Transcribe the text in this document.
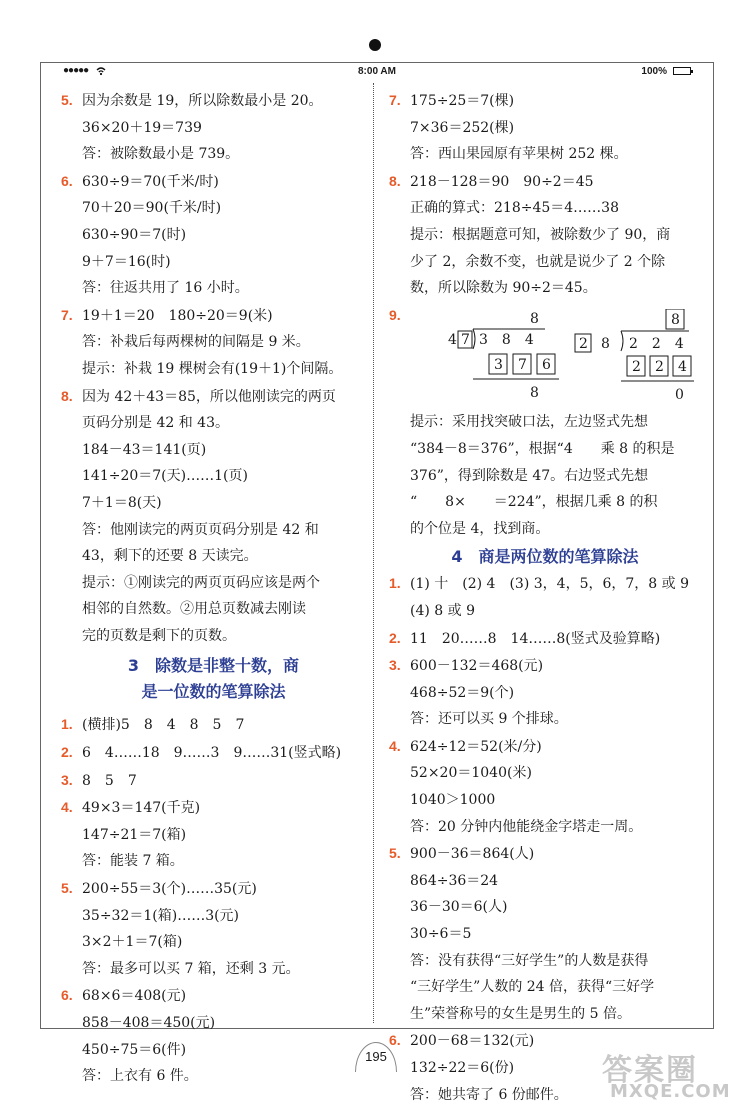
●●●●●	8:00 AM	100%
5. 因为余数是 19，所以除数最小是 20。
36×20＋19＝739
答：被除数最小是 739。
6. 630÷9＝70(千米/时)
70＋20＝90(千米/时)
630÷90＝7(时)
9＋7＝16(时)
答：往返共用了 16 小时。
7. 19＋1＝20　180÷20＝9(米)
答：补栽后每两棵树的间隔是 9 米。
提示：补栽 19 棵树会有(19＋1)个间隔。
8. 因为 42＋43＝85，所以他刚读完的两页
页码分别是 42 和 43。
184－43＝141(页)
141÷20＝7(天)……1(页)
7＋1＝8(天)
答：他刚读完的两页页码分别是 42 和
43，剩下的还要 8 天读完。
提示：①刚读完的两页页码应该是两个
相邻的自然数。②用总页数减去刚读
完的页数是剩下的页数。
3　除数是非整十数，商
是一位数的笔算除法
1. (横排)5　8　4　8　5　7
2. 6　4……18　9……3　9……31(竖式略)
3. 8　5　7
4. 49×3＝147(千克)
147÷21＝7(箱)
答：能装 7 箱。
5. 200÷55＝3(个)……35(元)
35÷32＝1(箱)……3(元)
3×2＋1＝7(箱)
答：最多可以买 7 箱，还剩 3 元。
6. 68×6＝408(元)
858－408＝450(元)
450÷75＝6(件)
答：上衣有 6 件。
7. 175÷25＝7(棵)
7×36＝252(棵)
答：西山果园原有苹果树 252 棵。
8. 218－128＝90　90÷2＝45
正确的算式：218÷45＝4……38
提示：根据题意可知，被除数少了 90，商
少了 2，余数不变，也就是说少了 2 个除
数，所以除数为 90÷2＝45。
9.	8
4 7 3　8　4
3 7 6
8
8
2 8 2　2　4
2 2 4
0
提示：采用找突破口法，左边竖式先想
“384－8＝376”，根据“4　　乘 8 的积是
376”，得到除数是 47。右边竖式先想
“　　8×　　＝224”，根据几乘 8 的积
的个位是 4，找到商。
4　商是两位数的笔算除法
1. (1) 十　(2) 4　(3) 3，4，5，6，7，8 或 9
(4) 8 或 9
2. 11　20……8　14……8(竖式及验算略)
3. 600－132＝468(元)
468÷52＝9(个)
答：还可以买 9 个排球。
4. 624÷12＝52(米/分)
52×20＝1040(米)
1040＞1000
答：20 分钟内他能绕金字塔走一周。
5. 900－36＝864(人)
864÷36＝24
36－30＝6(人)
30÷6＝5
答：没有获得“三好学生”的人数是获得
“三好学生”人数的 24 倍，获得“三好学
生”荣誉称号的女生是男生的 5 倍。
6. 200－68＝132(元)
132÷22＝6(份)
答：她共寄了 6 份邮件。
195	答案圈
MXQE.COM
